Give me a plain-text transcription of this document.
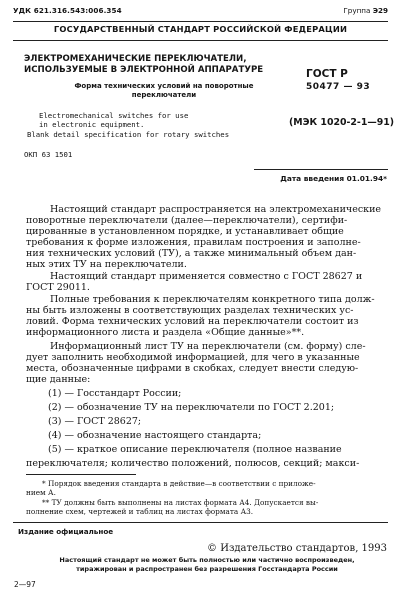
УДК 621.316.543:006.354	Группа Э29
ГОСУДАРСТВЕННЫЙ СТАНДАРТ РОССИЙСКОЙ ФЕДЕРАЦИИ
ЭЛЕКТРОМЕХАНИЧЕСКИЕ ПЕРЕКЛЮЧАТЕЛИ,
ИСПОЛЬЗУЕМЫЕ В ЭЛЕКТРОННОЙ АППАРАТУРЕ
Форма технических условий на поворотные
переключатели
Electromechanical switches for use
in electronic equipment.
Blank detail specification for rotary switches
ОКП 63 1501
ГОСТ Р
50477 — 93
(МЭК 1020-2-1—91)
Дата введения 01.01.94*
Настоящий стандарт распространяется на электромеханические
поворотные переключатели (далее—переключатели), сертифи-
цированные в установленном порядке, и устанавливает общие
требования к форме изложения, правилам построения и заполне-
ния технических условий (ТУ), а также минимальный объем дан-
ных этих ТУ на переключатели.
Настоящий стандарт применяется совместно с ГОСТ 28627 и
ГОСТ 29011.
Полные требования к переключателям конкретного типа долж-
ны быть изложены в соответствующих разделах технических ус-
ловий. Форма технических условий на переключатели состоит из
информационного листа и раздела «Общие данные»**.
Информационный лист ТУ на переключатели (см. форму) сле-
дует заполнить необходимой информацией, для чего в указанные
места, обозначенные цифрами в скобках, следует внести следую-
щие данные:
(1) — Госстандарт России;
(2) — обозначение ТУ на переключатели по ГОСТ 2.201;
(3) — ГОСТ 28627;
(4) — обозначение настоящего стандарта;
(5) — краткое описание переключателя (полное название
переключателя; количество положений, полюсов, секций; макси-
* Порядок введения стандарта в действие—в соответствии с приложе-
нием А.
** ТУ должны быть выполнены на листах формата А4. Допускается вы-
полнение схем, чертежей и таблиц на листах формата А3.
Издание официальное
© Издательство стандартов, 1993
Настоящий стандарт не может быть полностью или частично воспроизведен,
тиражирован и распространен без разрешения Госстандарта России
2—97
